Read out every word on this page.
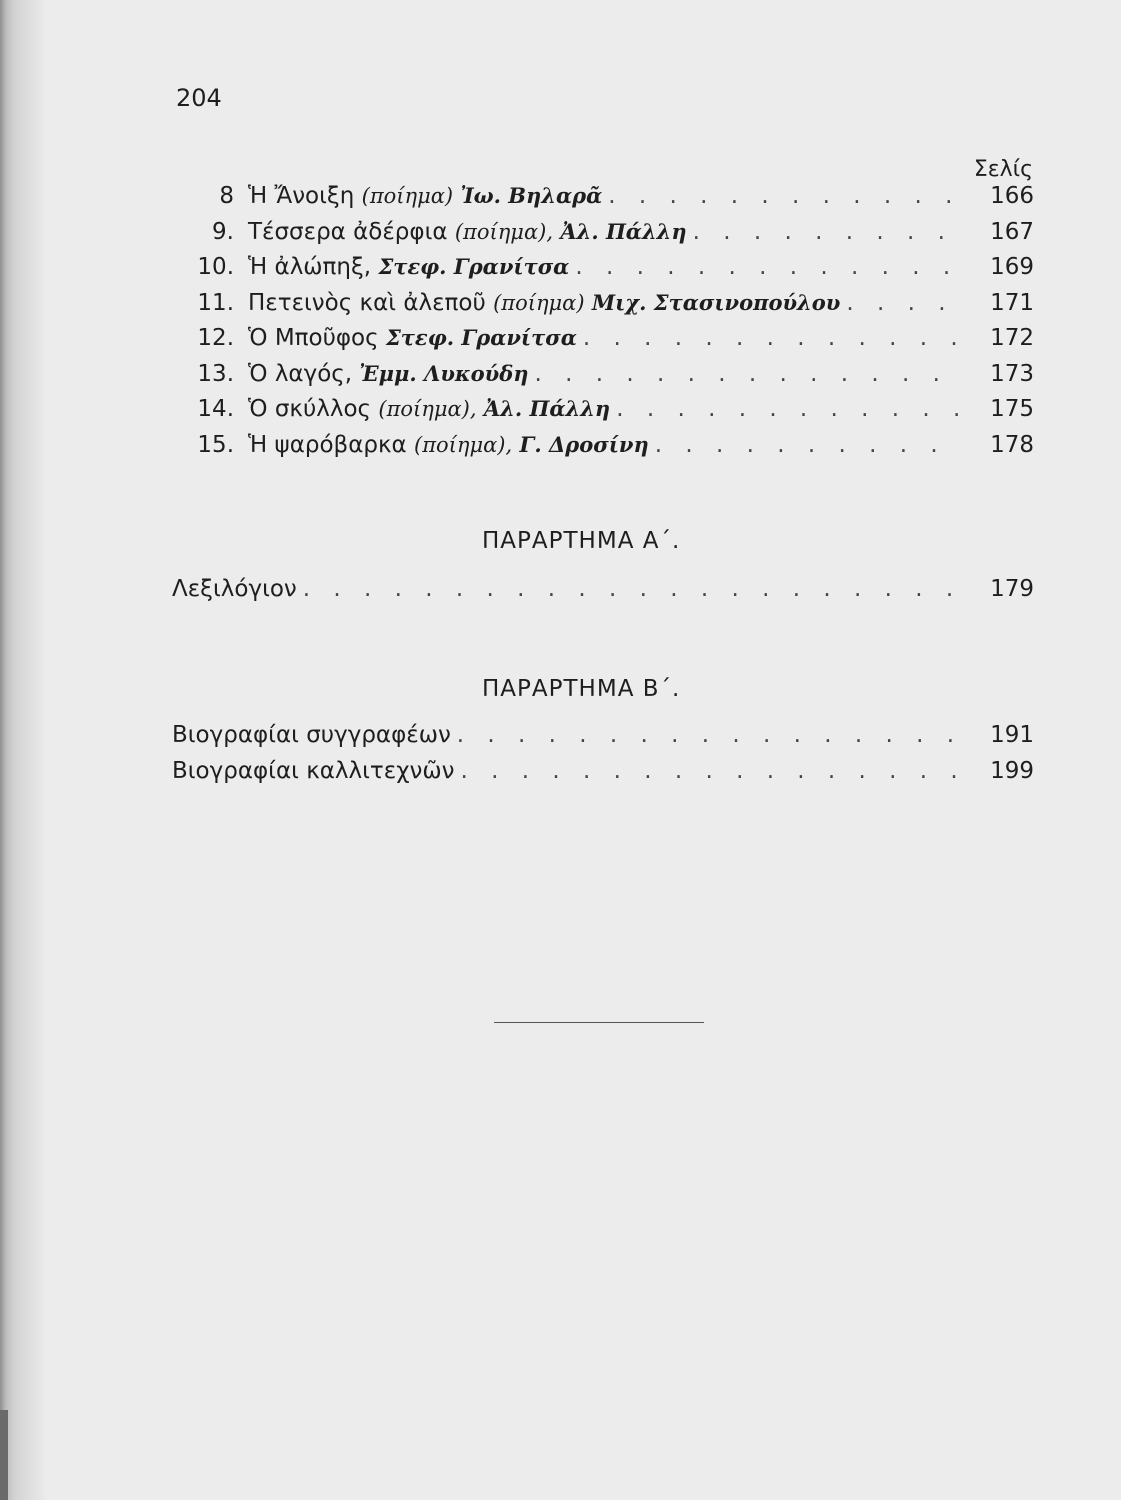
204
Σελίς
8 Ἡ Ἄνοιξη (ποίημα) Ἰω. Βηλαρᾶ . . .	166
9. Τέσσερα ἀδέρφια (ποίημα), Ἀλ. Πάλλη . . .	167
10. Ἡ ἀλώπηξ, Στεφ. Γρανίτσα . . .	169
11. Πετεινὸς καὶ ἀλεποῦ (ποίημα) Μιχ. Στασινοπούλου . . .	171
12. Ὁ Μποῦφος Στεφ. Γρανίτσα . . .	172
13. Ὁ λαγός, Ἐμμ. Λυκούδη . . .	173
14. Ὁ σκύλλος (ποίημα), Ἀλ. Πάλλη . . .	175
15. Ἡ ψαρόβαρκα (ποίημα), Γ. Δροσίνη . . .	178
ΠΑΡΑΡΤΗΜΑ Α΄.
Λεξιλόγιον . . .	179
ΠΑΡΑΡΤΗΜΑ Β΄.
Βιογραφίαι συγγραφέων . . .	191
Βιογραφίαι καλλιτεχνῶν . . .	199
